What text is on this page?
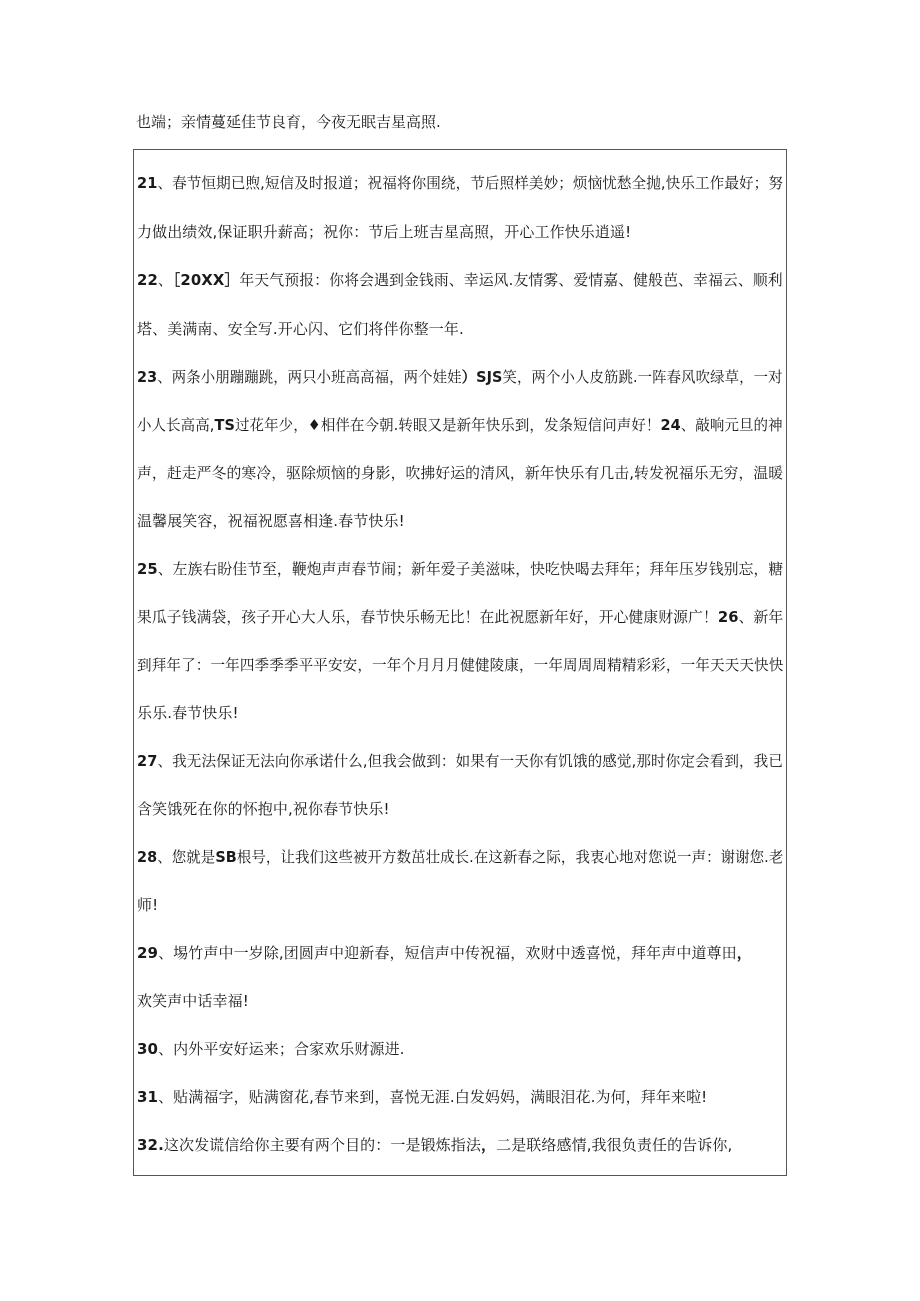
也端；亲情蔓延佳节良育，今夜无眠吉星高照.
21、春节恒期已煦,短信及时报道；祝福将你围绕，节后照样美妙；烦恼忧愁全抛,快乐工作最好；努
力做出绩效,保证职升薪高；祝你：节后上班吉星高照，开心工作快乐逍遥!
22、［20XX］年天气预报：你将会遇到金钱雨、幸运风.友情雾、爱情嘉、健般芭、幸福云、顺利
塔、美满南、安全写.开心闪、它们将伴你整一年.
23、两条小朋蹦蹦跳，两只小班高高福，两个娃娃）SJS笑，两个小人皮筋跳.一阵春风吹绿草，一对
小人长高高,TS过花年少，♦相伴在今朝.转眼又是新年快乐到，发条短信问声好！24、敲响元旦的神
声，赶走严冬的寒冷，驱除烦恼的身影，吹拂好运的清风，新年快乐有几击,转发祝福乐无穷，温暖
温馨展笑容，祝福祝愿喜相逢.春节快乐!
25、左族右盼佳节至，鞭炮声声春节闹；新年爱子美滋味，快吃快喝去拜年；拜年压岁钱别忘，糖
果瓜子钱满袋，孩子开心大人乐，春节快乐畅无比！在此祝愿新年好，开心健康财源广！26、新年
到拜年了：一年四季季季平平安安，一年个月月月健健陵康，一年周周周精精彩彩，一年天天天快快
乐乐.春节快乐!
27、我无法保证无法向你承诺什么,但我会做到：如果有一天你有饥饿的感觉,那时你定会看到，我已
含笑饿死在你的怀抱中,祝你春节快乐!
28、您就是SB根号，让我们这些被开方数茁壮成长.在这新春之际，我衷心地对您说一声：谢谢您.老
师!
29、埸竹声中一岁除,团圆声中迎新春，短信声中传祝福，欢财中透喜悦，拜年声中道尊田，
欢笑声中话幸福!
30、内外平安好运来；合家欢乐财源进.
31、贴满福字，贴满窗花,春节来到，喜悦无涯.白发妈妈，满眼泪花.为何，拜年来啦!
32.这次发谎信给你主要有两个目的：一是锻炼指法，二是联络感情,我很负责任的告诉你,
